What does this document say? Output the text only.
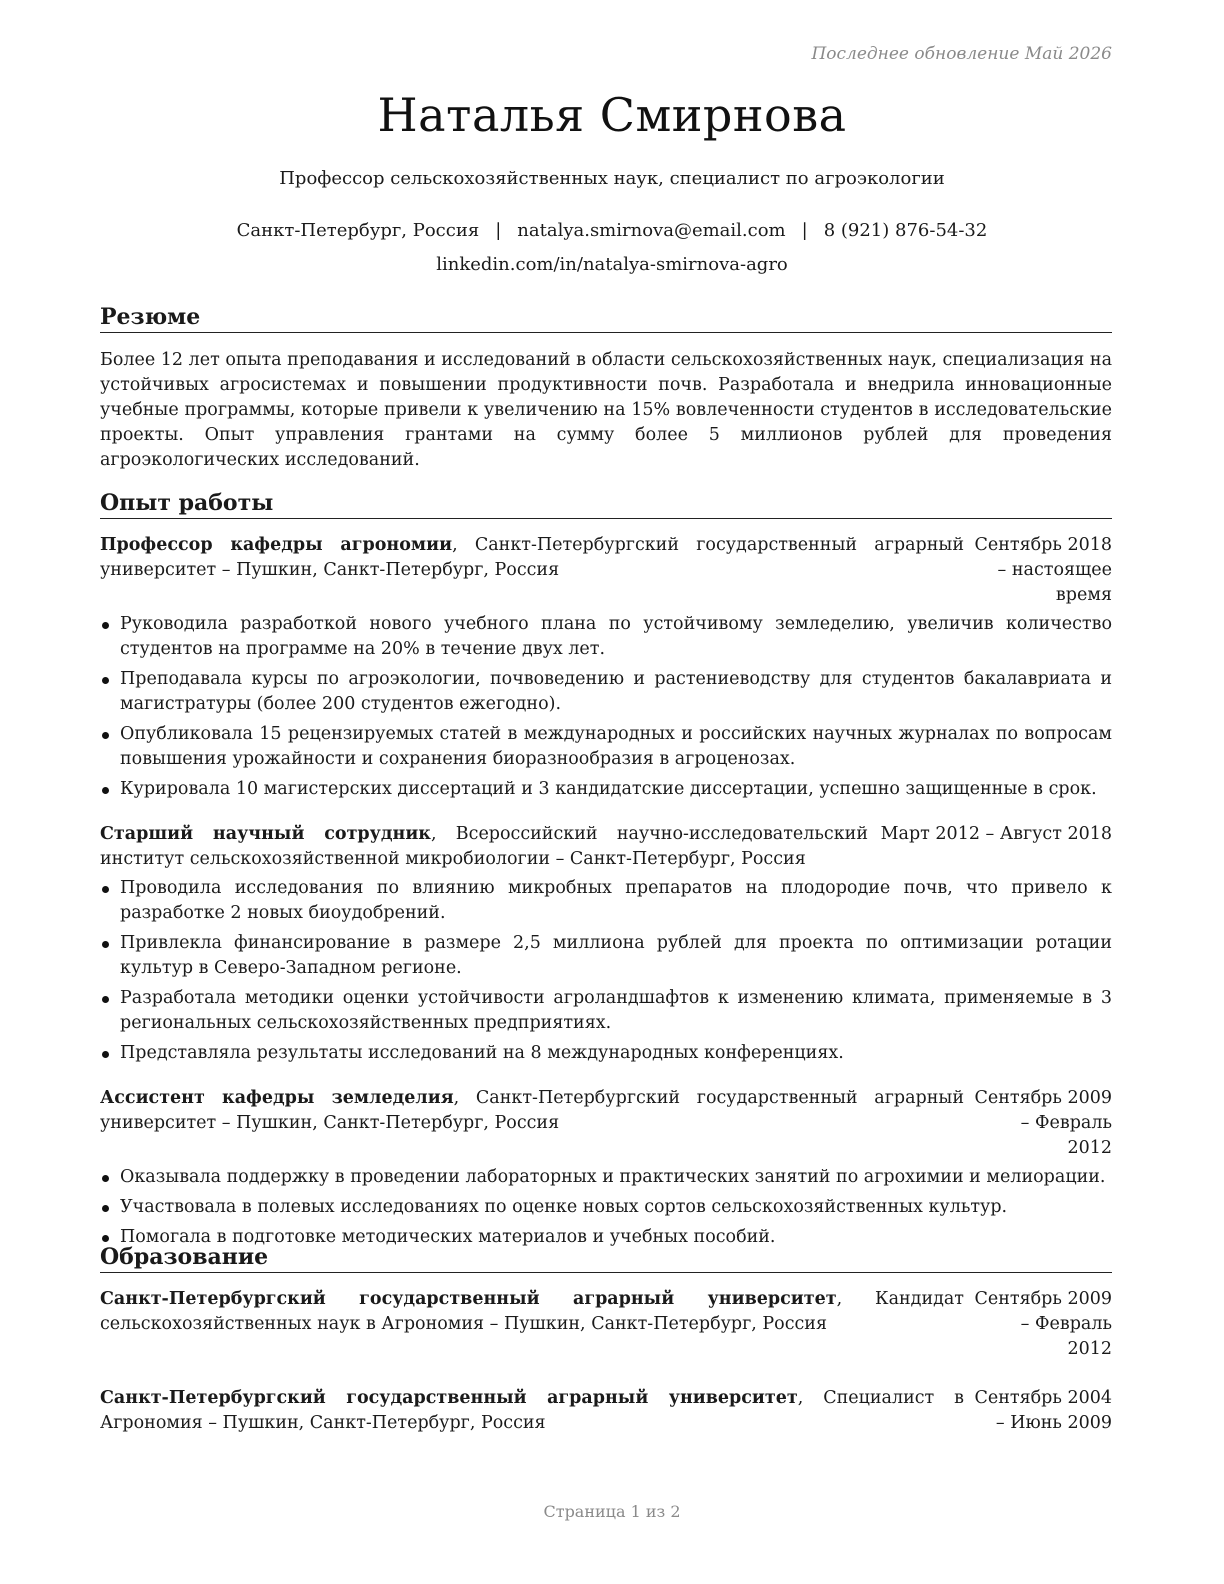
Последнее обновление Май 2026
Наталья Смирнова
Профессор сельскохозяйственных наук, специалист по агроэкологии
Санкт-Петербург, Россия | natalya.smirnova@email.com | 8 (921) 876-54-32
linkedin.com/in/natalya-smirnova-agro
Резюме
Более 12 лет опыта преподавания и исследований в области сельскохозяйственных наук, специализация на устойчивых агросистемах и повышении продуктивности почв. Разработала и внедрила инновационные учебные программы, которые привели к увеличению на 15% вовлеченности студентов в исследовательские проекты. Опыт управления грантами на сумму более 5 миллионов рублей для проведения агроэкологических исследований.
Опыт работы
Профессор кафедры агрономии, Санкт-Петербургский государственный аграрный университет – Пушкин, Санкт-Петербург, Россия
Сентябрь 2018 – настоящее время
Руководила разработкой нового учебного плана по устойчивому земледелию, увеличив количество студентов на программе на 20% в течение двух лет.
Преподавала курсы по агроэкологии, почвоведению и растениеводству для студентов бакалавриата и магистратуры (более 200 студентов ежегодно).
Опубликовала 15 рецензируемых статей в международных и российских научных журналах по вопросам повышения урожайности и сохранения биоразнообразия в агроценозах.
Курировала 10 магистерских диссертаций и 3 кандидатские диссертации, успешно защищенные в срок.
Старший научный сотрудник, Всероссийский научно-исследовательский институт сельскохозяйственной микробиологии – Санкт-Петербург, Россия
Март 2012 – Август 2018
Проводила исследования по влиянию микробных препаратов на плодородие почв, что привело к разработке 2 новых биоудобрений.
Привлекла финансирование в размере 2,5 миллиона рублей для проекта по оптимизации ротации культур в Северо-Западном регионе.
Разработала методики оценки устойчивости агроландшафтов к изменению климата, применяемые в 3 региональных сельскохозяйственных предприятиях.
Представляла результаты исследований на 8 международных конференциях.
Ассистент кафедры земледелия, Санкт-Петербургский государственный аграрный университет – Пушкин, Санкт-Петербург, Россия
Сентябрь 2009 – Февраль 2012
Оказывала поддержку в проведении лабораторных и практических занятий по агрохимии и мелиорации.
Участвовала в полевых исследованиях по оценке новых сортов сельскохозяйственных культур.
Помогала в подготовке методических материалов и учебных пособий.
Образование
Санкт-Петербургский государственный аграрный университет, Кандидат сельскохозяйственных наук в Агрономия – Пушкин, Санкт-Петербург, Россия
Сентябрь 2009 – Февраль 2012
Санкт-Петербургский государственный аграрный университет, Специалист в Агрономия – Пушкин, Санкт-Петербург, Россия
Сентябрь 2004 – Июнь 2009
Страница 1 из 2
